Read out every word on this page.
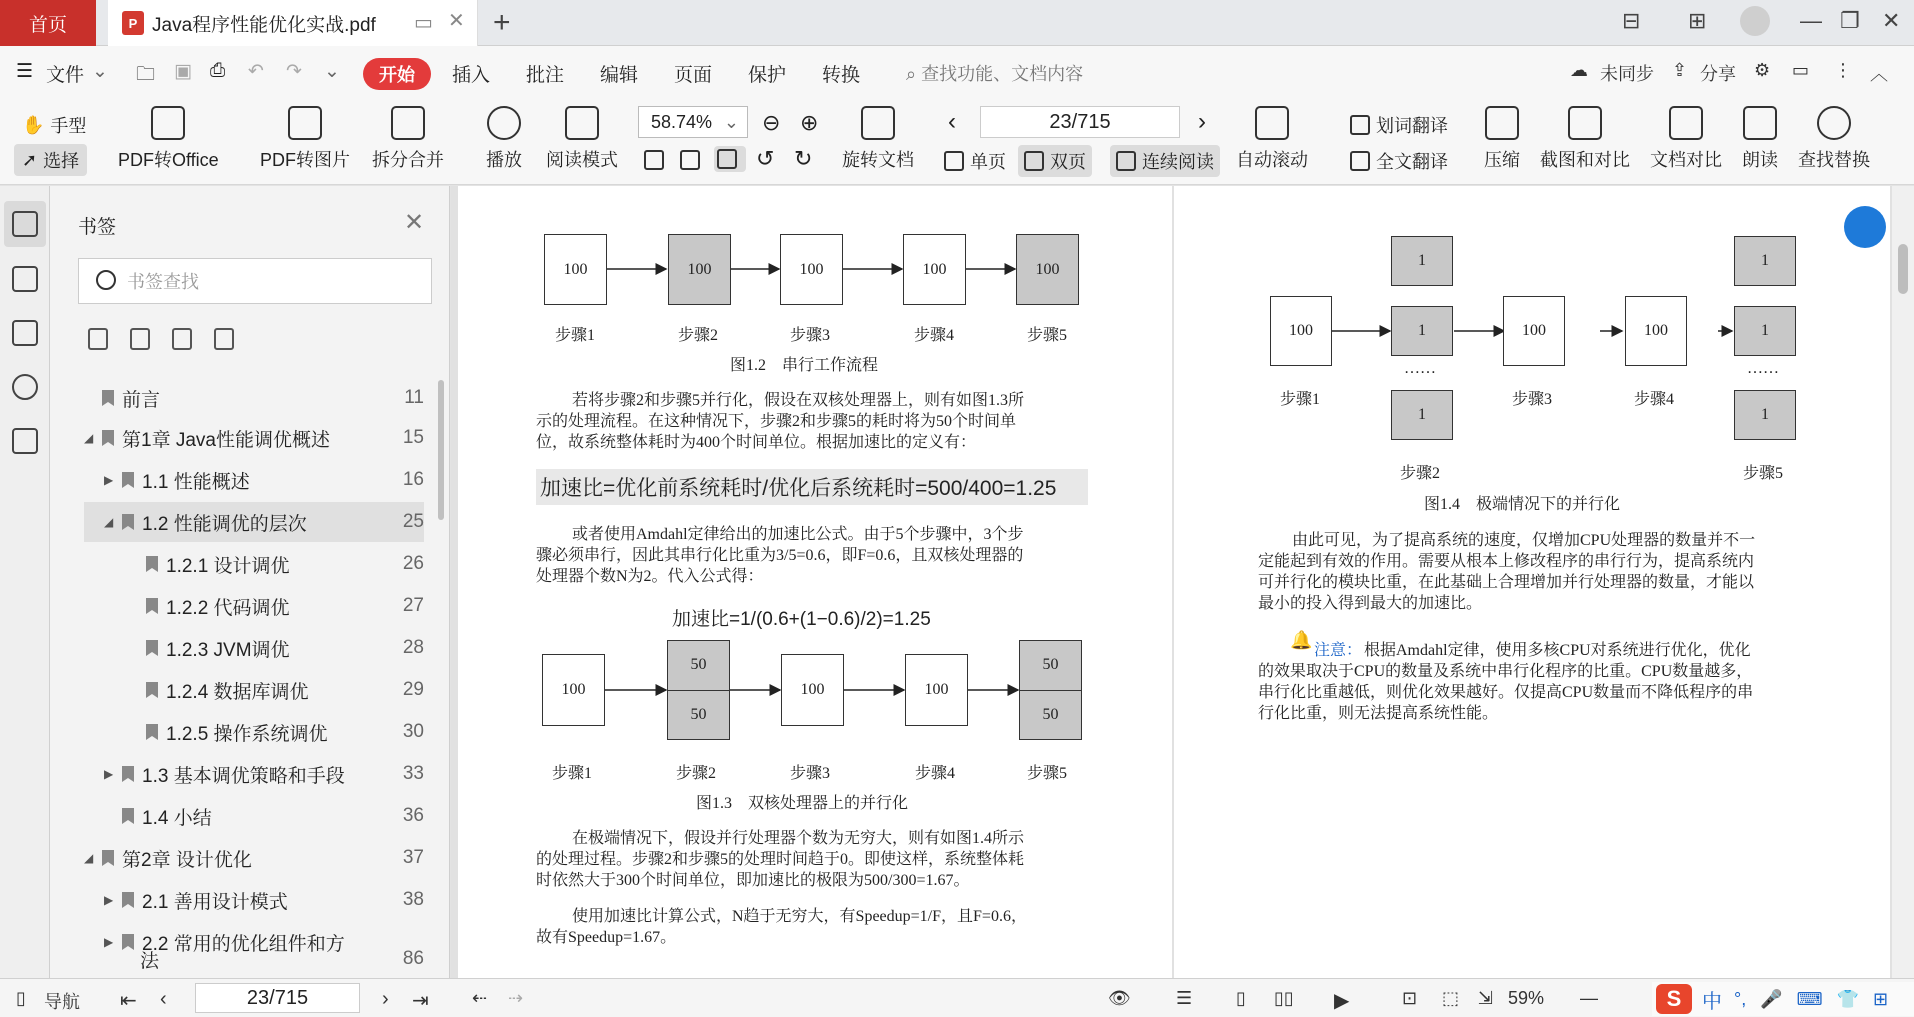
首页	P Java程序性能优化实战.pdf ▭ ✕ +	⊟ ⊞	— ❐ ✕
☰ 文件 ⌄ 🗀 ▣ ⎙ ↶ ↷ ⌄	开始	插入 批注 编辑 页面 保护 转换	⌕ 查找功能、文档内容	☁ 未同步 ⇪ 分享 ⚙ ▭ ⋮ ︿
✋ 手型
➚ 选择 PDF转Office PDF转图片 拆分合并 播放 阅读模式
58.74% ⌄ ⊖ ⊕
↺ ↻ 旋转文档
‹	23/715	›
单页 双页	连续阅读 自动滚动
划词翻译
全文翻译 压缩 截图和对比 文档对比 朗读 查找替换
书签	✕
书签查找
前言	11
◢ 第1章 Java性能调优概述	15
▶ 1.1 性能概述	16
◢ 1.2 性能调优的层次	25
1.2.1 设计调优	26
1.2.2 代码调优	27
1.2.3 JVM调优	28
1.2.4 数据库调优	29
1.2.5 操作系统调优	30
▶ 1.3 基本调优策略和手段	33
1.4 小结	36
◢ 第2章 设计优化	37
▶ 2.1 善用设计模式	38
▶ 2.2 常用的优化组件和方
法	86
100	100	100	100	100
步骤1	步骤2	步骤3	步骤4	步骤5
图1.2　串行工作流程
若将步骤2和步骤5并行化，假设在双核处理器上，则有如图1.3所
示的处理流程。在这种情况下，步骤2和步骤5的耗时将为50个时间单
位，故系统整体耗时为400个时间单位。根据加速比的定义有：
加速比=优化前系统耗时/优化后系统耗时=500/400=1.25
或者使用Amdahl定律给出的加速比公式。由于5个步骤中，3个步
骤必须串行，因此其串行化比重为3/5=0.6，即F=0.6，且双核处理器的
处理器个数N为2。代入公式得：
加速比=1/(0.6+(1−0.6)/2)=1.25
100
50
50
100	100
50
50
步骤1	步骤2	步骤3	步骤4	步骤5
图1.3　双核处理器上的并行化
在极端情况下，假设并行处理器个数为无穷大，则有如图1.4所示
的处理过程。步骤2和步骤5的处理时间趋于0。即使这样，系统整体耗
时依然大于300个时间单位，即加速比的极限为500/300=1.67。
使用加速比计算公式，N趋于无穷大，有Speedup=1/F，且F=0.6，
故有Speedup=1.67。
100
1
1
……
1
100	100
1
1
……
1
步骤1
步骤2
步骤3	步骤4
步骤5
图1.4　极端情况下的并行化
由此可见，为了提高系统的速度，仅增加CPU处理器的数量并不一
定能起到有效的作用。需要从根本上修改程序的串行行为，提高系统内
可并行化的模块比重，在此基础上合理增加并行处理器的数量，才能以
最小的投入得到最大的加速比。
🔔
注意： 根据Amdahl定律，使用多核CPU对系统进行优化，优化
的效果取决于CPU的数量及系统中串行化程序的比重。CPU数量越多，
串行化比重越低，则优化效果越好。仅提高CPU数量而不降低程序的串
行化比重，则无法提高系统性能。
▯ 导航 ⇤ ‹	23/715	› ⇥ ⇠ ⇢	👁	☰ ▯ ▯▯ ▶	⊡ ⬚ ⇲ 59% —	S	中 °, 🎤 ⌨ 👕 ⊞
